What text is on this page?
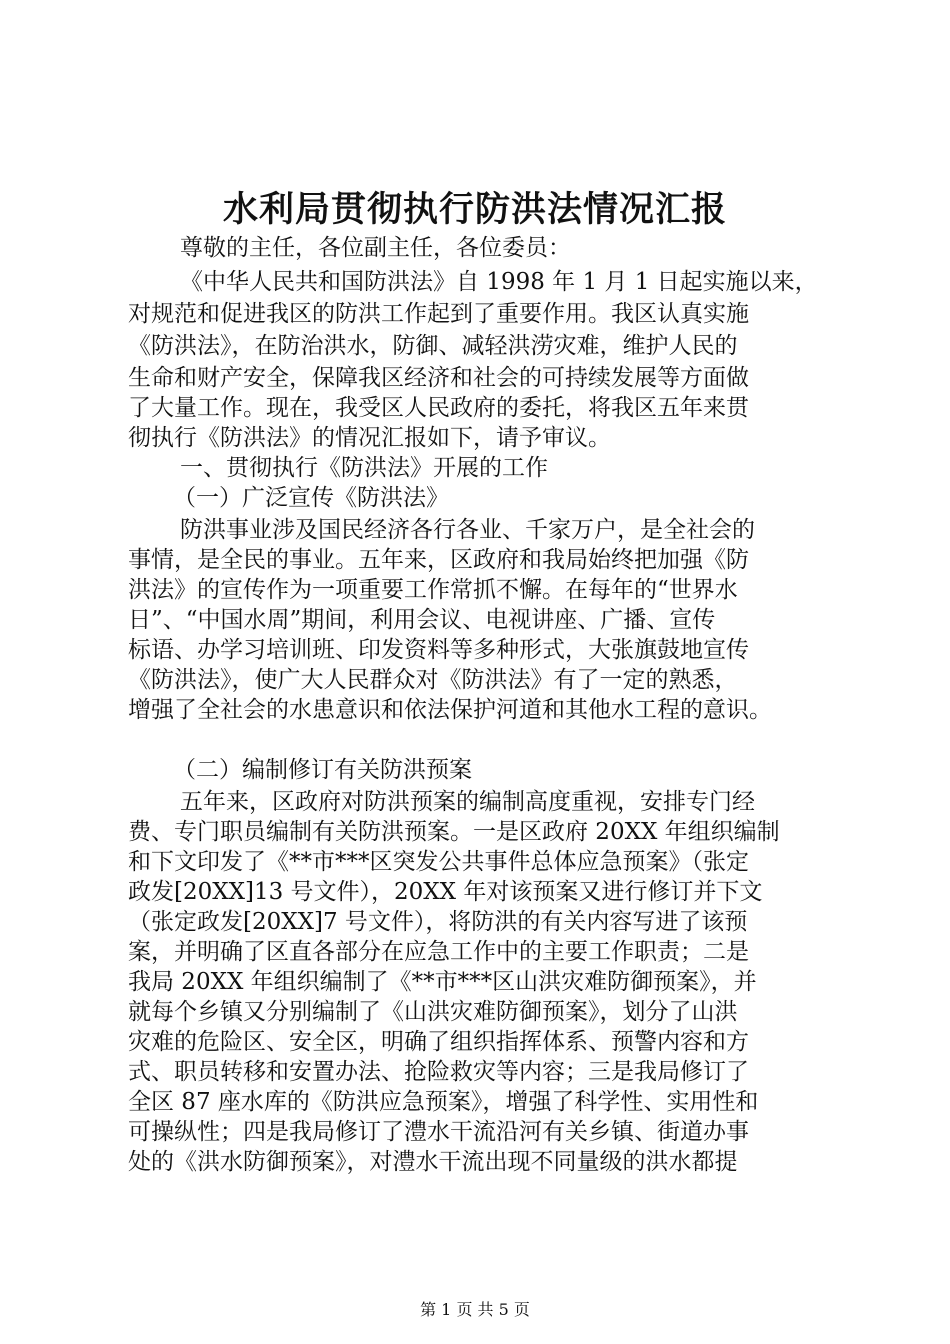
水利局贯彻执行防洪法情况汇报
尊敬的主任，各位副主任，各位委员：
《中华人民共和国防洪法》自 1998 年 1 月 1 日起实施以来，
对规范和促进我区的防洪工作起到了重要作用。我区认真实施
《防洪法》，在防治洪水，防御、减轻洪涝灾难，维护人民的
生命和财产安全，保障我区经济和社会的可持续发展等方面做
了大量工作。现在，我受区人民政府的委托，将我区五年来贯
彻执行《防洪法》的情况汇报如下，请予审议。
一、贯彻执行《防洪法》开展的工作
（一）广泛宣传《防洪法》
防洪事业涉及国民经济各行各业、千家万户，是全社会的
事情，是全民的事业。五年来，区政府和我局始终把加强《防
洪法》的宣传作为一项重要工作常抓不懈。在每年的“世界水
日”、“中国水周”期间，利用会议、电视讲座、广播、宣传
标语、办学习培训班、印发资料等多种形式，大张旗鼓地宣传
《防洪法》，使广大人民群众对《防洪法》有了一定的熟悉，
增强了全社会的水患意识和依法保护河道和其他水工程的意识。
（二）编制修订有关防洪预案
五年来，区政府对防洪预案的编制高度重视，安排专门经
费、专门职员编制有关防洪预案。一是区政府 20XX 年组织编制
和下文印发了《**市***区突发公共事件总体应急预案》（张定
政发[20XX]13 号文件），20XX 年对该预案又进行修订并下文
（张定政发[20XX]7 号文件），将防洪的有关内容写进了该预
案，并明确了区直各部分在应急工作中的主要工作职责；二是
我局 20XX 年组织编制了《**市***区山洪灾难防御预案》，并
就每个乡镇又分别编制了《山洪灾难防御预案》，划分了山洪
灾难的危险区、安全区，明确了组织指挥体系、预警内容和方
式、职员转移和安置办法、抢险救灾等内容；三是我局修订了
全区 87 座水库的《防洪应急预案》，增强了科学性、实用性和
可操纵性；四是我局修订了澧水干流沿河有关乡镇、街道办事
处的《洪水防御预案》，对澧水干流出现不同量级的洪水都提
第 1 页 共 5 页
